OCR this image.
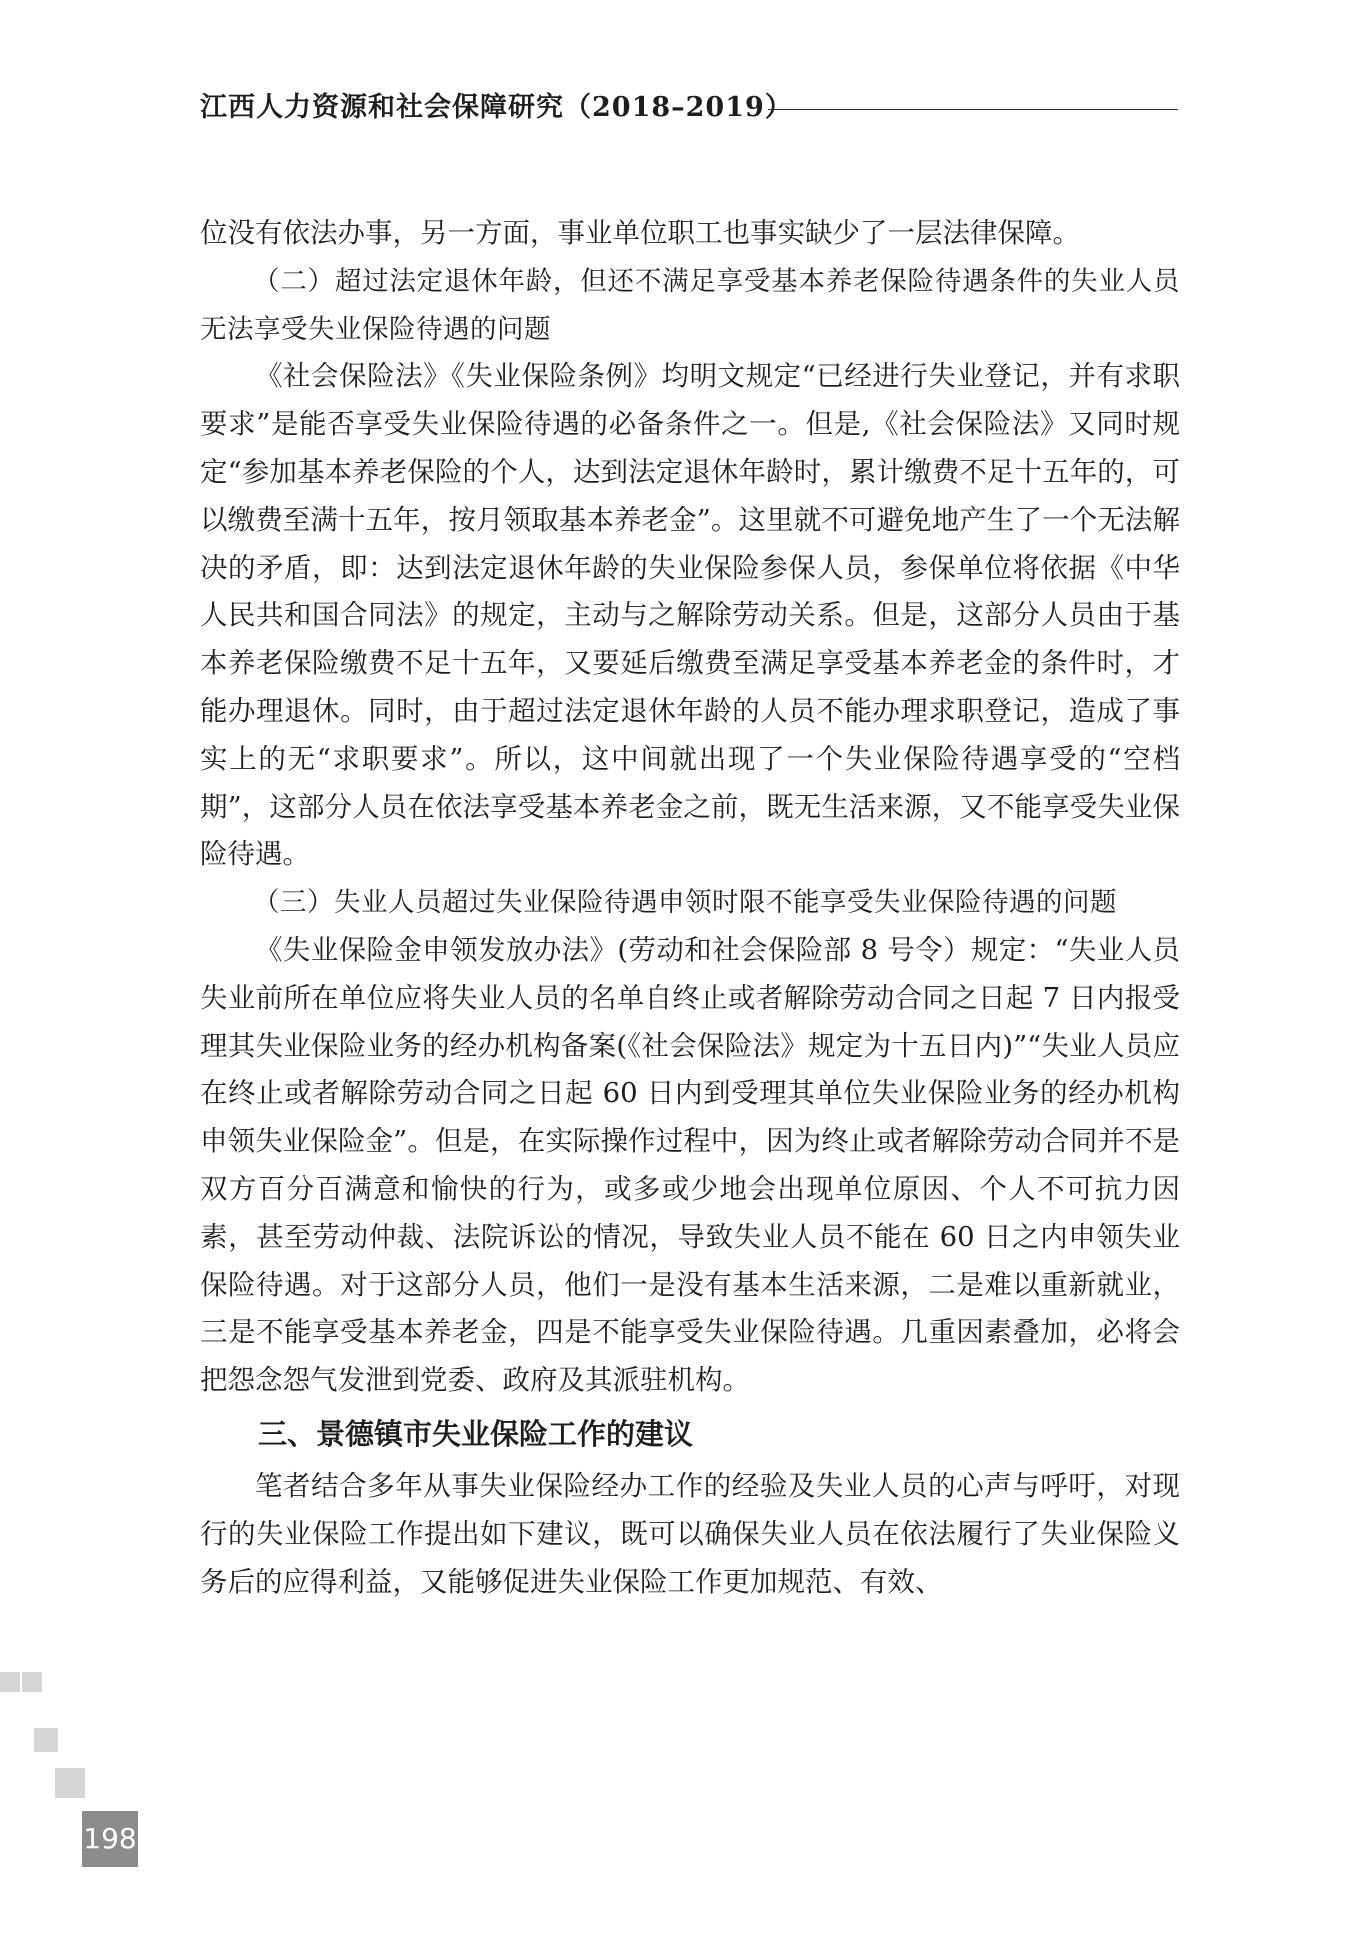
江西人力资源和社会保障研究（2018–2019）

位没有依法办事，另一方面，事业单位职工也事实缺少了一层法律保障。

（二）超过法定退休年龄，但还不满足享受基本养老保险待遇条件的失业人员无法享受失业保险待遇的问题

《社会保险法》《失业保险条例》均明文规定“已经进行失业登记，并有求职要求”是能否享受失业保险待遇的必备条件之一。但是,《社会保险法》又同时规定“参加基本养老保险的个人，达到法定退休年龄时，累计缴费不足十五年的，可以缴费至满十五年，按月领取基本养老金”。这里就不可避免地产生了一个无法解决的矛盾，即：达到法定退休年龄的失业保险参保人员，参保单位将依据《中华人民共和国合同法》的规定，主动与之解除劳动关系。但是，这部分人员由于基本养老保险缴费不足十五年，又要延后缴费至满足享受基本养老金的条件时，才能办理退休。同时，由于超过法定退休年龄的人员不能办理求职登记，造成了事实上的无“求职要求”。所以，这中间就出现了一个失业保险待遇享受的“空档期”，这部分人员在依法享受基本养老金之前，既无生活来源，又不能享受失业保险待遇。

（三）失业人员超过失业保险待遇申领时限不能享受失业保险待遇的问题

《失业保险金申领发放办法》(劳动和社会保险部 8 号令）规定：“失业人员失业前所在单位应将失业人员的名单自终止或者解除劳动合同之日起 7 日内报受理其失业保险业务的经办机构备案(《社会保险法》规定为十五日内)”“失业人员应在终止或者解除劳动合同之日起 60 日内到受理其单位失业保险业务的经办机构申领失业保险金”。但是，在实际操作过程中，因为终止或者解除劳动合同并不是双方百分百满意和愉快的行为，或多或少地会出现单位原因、个人不可抗力因素，甚至劳动仲裁、法院诉讼的情况，导致失业人员不能在 60 日之内申领失业保险待遇。对于这部分人员，他们一是没有基本生活来源，二是难以重新就业，三是不能享受基本养老金，四是不能享受失业保险待遇。几重因素叠加，必将会把怨念怨气发泄到党委、政府及其派驻机构。

三、景德镇市失业保险工作的建议

笔者结合多年从事失业保险经办工作的经验及失业人员的心声与呼吁，对现行的失业保险工作提出如下建议，既可以确保失业人员在依法履行了失业保险义务后的应得利益，又能够促进失业保险工作更加规范、有效、

198
